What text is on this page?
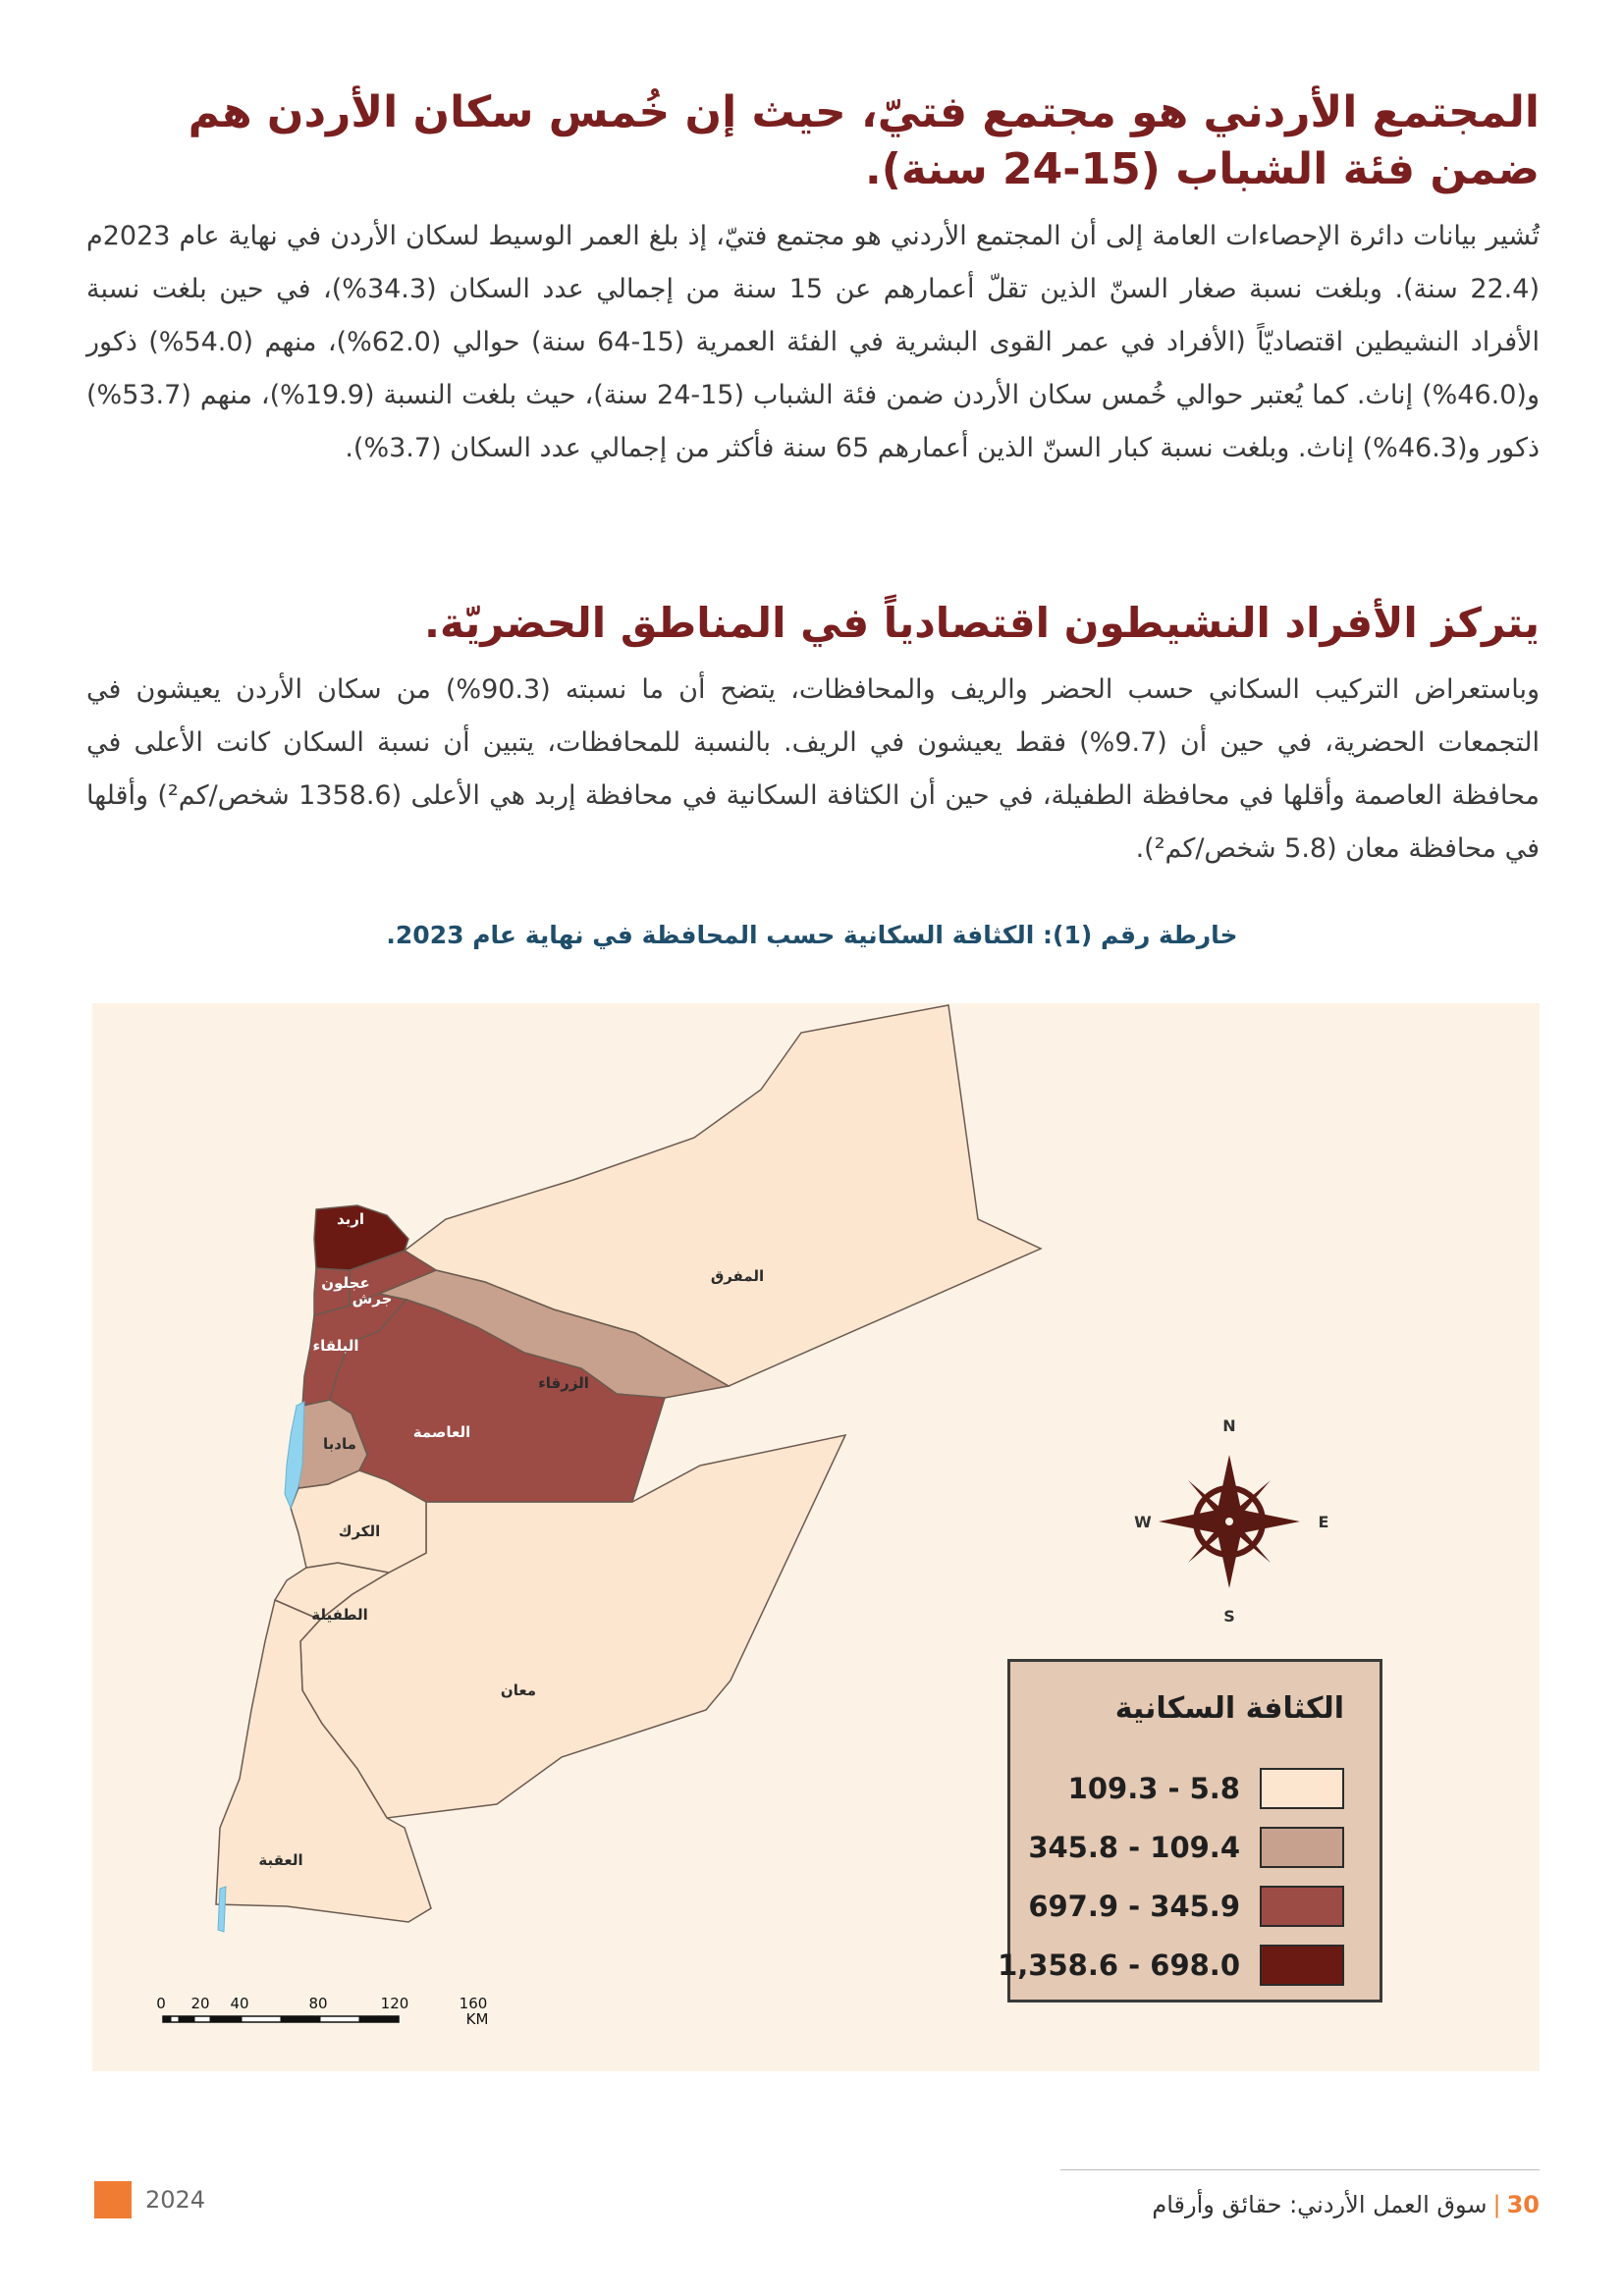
المجتمع الأردني هو مجتمع فتيّ، حيث إن خُمس سكان الأردن هم ضمن فئة الشباب (15-24 سنة).

تُشير بيانات دائرة الإحصاءات العامة إلى أن المجتمع الأردني هو مجتمع فتيّ، إذ بلغ العمر الوسيط لسكان الأردن في نهاية عام 2023م (22.4 سنة). وبلغت نسبة صغار السنّ الذين تقلّ أعمارهم عن 15 سنة من إجمالي عدد السكان (34.3%)، في حين بلغت نسبة الأفراد النشيطين اقتصاديّاً (الأفراد في عمر القوى البشرية في الفئة العمرية (15-64 سنة) حوالي (62.0%)، منهم (54.0%) ذكور و(46.0%) إناث. كما يُعتبر حوالي خُمس سكان الأردن ضمن فئة الشباب (15-24 سنة)، حيث بلغت النسبة (19.9%)، منهم (53.7%) ذكور و(46.3%) إناث. وبلغت نسبة كبار السنّ الذين أعمارهم 65 سنة فأكثر من إجمالي عدد السكان (3.7%).

يتركز الأفراد النشيطون اقتصادياً في المناطق الحضريّة.

وباستعراض التركيب السكاني حسب الحضر والريف والمحافظات، يتضح أن ما نسبته (90.3%) من سكان الأردن يعيشون في التجمعات الحضرية، في حين أن (9.7%) فقط يعيشون في الريف. بالنسبة للمحافظات، يتبين أن نسبة السكان كانت الأعلى في محافظة العاصمة وأقلها في محافظة الطفيلة، في حين أن الكثافة السكانية في محافظة إربد هي الأعلى (1358.6 شخص/كم²) وأقلها في محافظة معان (5.8 شخص/كم²).

خارطة رقم (1): الكثافة السكانية حسب المحافظة في نهاية عام 2023.
اربد
عجلون
جرش
البلقاء
الزرقاء
المفرق
العاصمة
مادبا
الكرك
الطفيلة
معان
العقبة
N
S
E
W
0 20 40	80	120	160
KM
الكثافة السكانية
109.3 - 5.8
345.8 - 109.4
697.9 - 345.9
1,358.6 - 698.0
2024	30|سوق العمل الأردني: حقائق وأرقام
